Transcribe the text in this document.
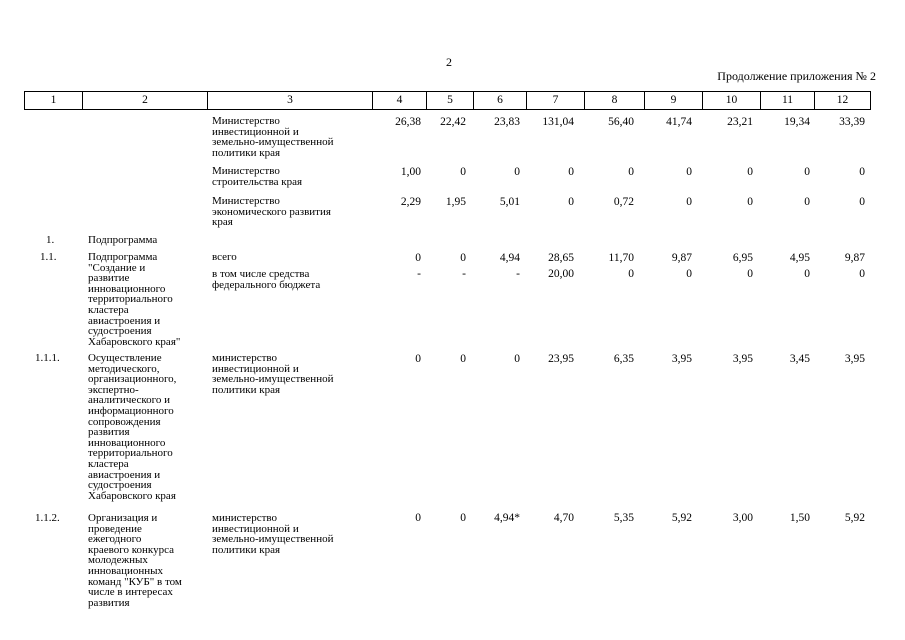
2
Продолжение приложения № 2
1	2	3	4	5	6	7	8	9	10	11	12
Министерство
инвестиционной и
земельно-имущественной
политики края
26,38 22,42 23,83 131,04	56,40	41,74	23,21	19,34	33,39
Министерство
строительства края
1,00	0	0	0	0	0	0	0	0
Министерство
экономического развития
края
2,29 1,95	5,01	0	0,72	0	0	0	0
1.	Подпрограмма
1.1.	Подпрограмма
"Создание и
развитие
инновационного
территориального
кластера
авиастроения и
судостроения
Хабаровского края"
всего	0	0	4,94 28,65	11,70	9,87	6,95	4,95	9,87
в том числе средства
федерального бюджета
-	-	- 20,00	0	0	0	0	0
1.1.1.	Осуществление
методического,
организационного,
экспертно-
аналитического и
информационного
сопровождения
развития
инновационного
территориального
кластера
авиастроения и
судостроения
Хабаровского края
министерство
инвестиционной и
земельно-имущественной
политики края
0	0	0 23,95	6,35	3,95	3,95	3,45	3,95
1.1.2.	Организация и
проведение
ежегодного
краевого конкурса
молодежных
инновационных
команд "КУБ" в том
числе в интересах
развития
министерство
инвестиционной и
земельно-имущественной
политики края
0	0 4,94*	4,70	5,35	5,92	3,00	1,50	5,92
